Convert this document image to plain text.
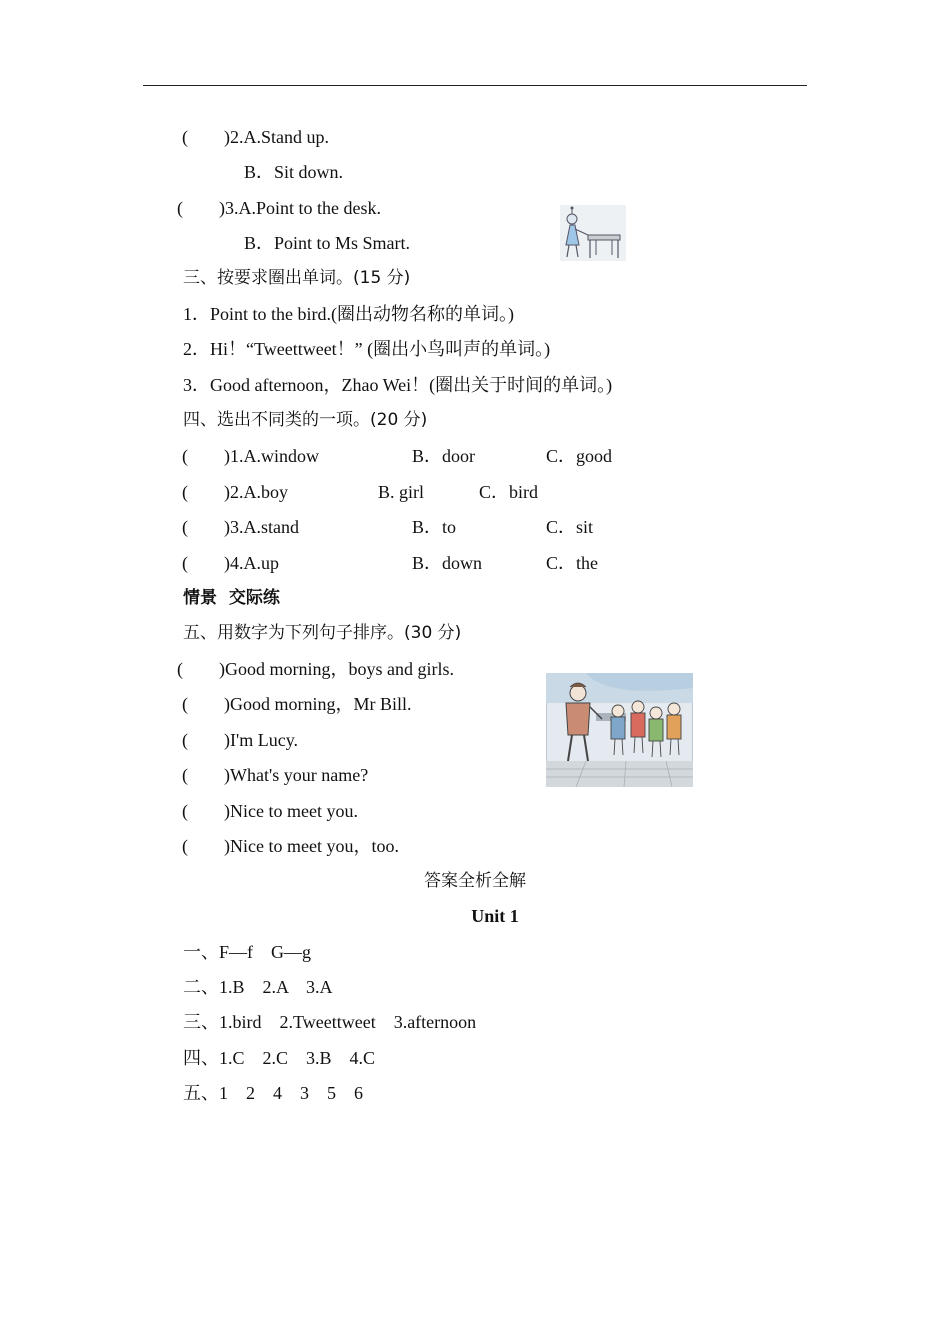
(        )2.A.Stand up.
B．Sit down.
(        )3.A.Point to the desk.
B．Point to Ms Smart.
三、按要求圈出单词。(15 分)
1．Point to the bird.(圈出动物名称的单词。)
2．Hi！“Tweettweet！” (圈出小鸟叫声的单词。)
3．Good afternoon，Zhao Wei！(圈出关于时间的单词。)
四、选出不同类的一项。(20 分)
(        )1.A.window	B．door	C．good
(        )2.A.boy	B. girl	C．bird
(        )3.A.stand	B．to	C．sit
(        )4.A.up	B．down	C．the
情景  交际练
五、用数字为下列句子排序。(30 分)
(        )Good morning，boys and girls.
(        )Good morning，Mr Bill.
(        )I'm Lucy.
(        )What's your name?
(        )Nice to meet you.
(        )Nice to meet you，too.
答案全析全解
Unit 1
一、F—f    G—g
二、1.B    2.A    3.A
三、1.bird    2.Tweettweet    3.afternoon
四、1.C    2.C    3.B    4.C
五、1    2    4    3    5    6
